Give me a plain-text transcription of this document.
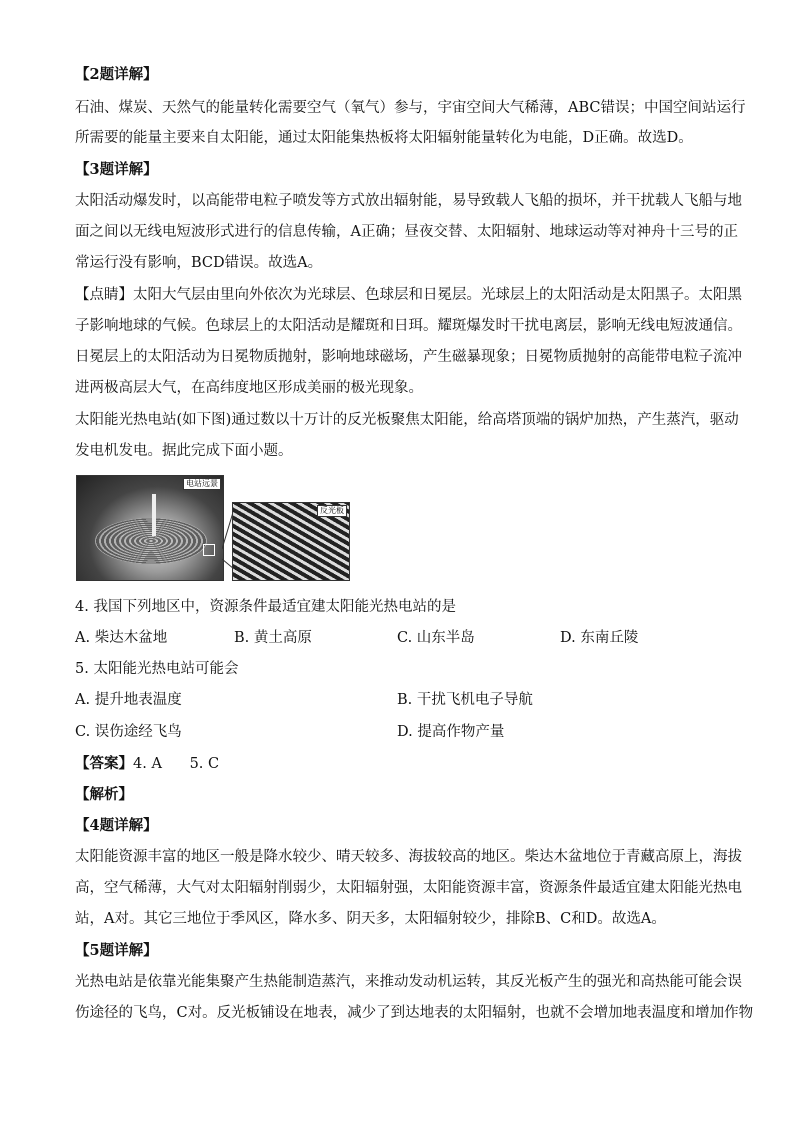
【2题详解】
石油、煤炭、天然气的能量转化需要空气（氧气）参与，宇宙空间大气稀薄，ABC错误；中国空间站运行
所需要的能量主要来自太阳能，通过太阳能集热板将太阳辐射能量转化为电能，D正确。故选D。
【3题详解】
太阳活动爆发时，以高能带电粒子喷发等方式放出辐射能，易导致载人飞船的损坏，并干扰载人飞船与地
面之间以无线电短波形式进行的信息传输，A正确；昼夜交替、太阳辐射、地球运动等对神舟十三号的正
常运行没有影响，BCD错误。故选A。
【点睛】太阳大气层由里向外依次为光球层、色球层和日冕层。光球层上的太阳活动是太阳黑子。太阳黑
子影响地球的气候。色球层上的太阳活动是耀斑和日珥。耀斑爆发时干扰电离层，影响无线电短波通信。
日冕层上的太阳活动为日冕物质抛射，影响地球磁场，产生磁暴现象；日冕物质抛射的高能带电粒子流冲
进两极高层大气，在高纬度地区形成美丽的极光现象。
太阳能光热电站(如下图)通过数以十万计的反光板聚焦太阳能，给高塔顶端的锅炉加热，产生蒸汽，驱动
发电机发电。据此完成下面小题。
电站远景
反光板
4. 我国下列地区中，资源条件最适宜建太阳能光热电站的是
A. 柴达木盆地	B. 黄土高原	C. 山东半岛	D. 东南丘陵
5. 太阳能光热电站可能会
A. 提升地表温度	B. 干扰飞机电子导航
C. 误伤途经飞鸟	D. 提高作物产量
【答案】4. A      5. C
【解析】
【4题详解】
太阳能资源丰富的地区一般是降水较少、晴天较多、海拔较高的地区。柴达木盆地位于青藏高原上，海拔
高，空气稀薄，大气对太阳辐射削弱少，太阳辐射强，太阳能资源丰富，资源条件最适宜建太阳能光热电
站，A对。其它三地位于季风区，降水多、阴天多，太阳辐射较少，排除B、C和D。故选A。
【5题详解】
光热电站是依靠光能集聚产生热能制造蒸汽，来推动发动机运转，其反光板产生的强光和高热能可能会误
伤途径的飞鸟，C对。反光板铺设在地表，减少了到达地表的太阳辐射，也就不会增加地表温度和增加作物
